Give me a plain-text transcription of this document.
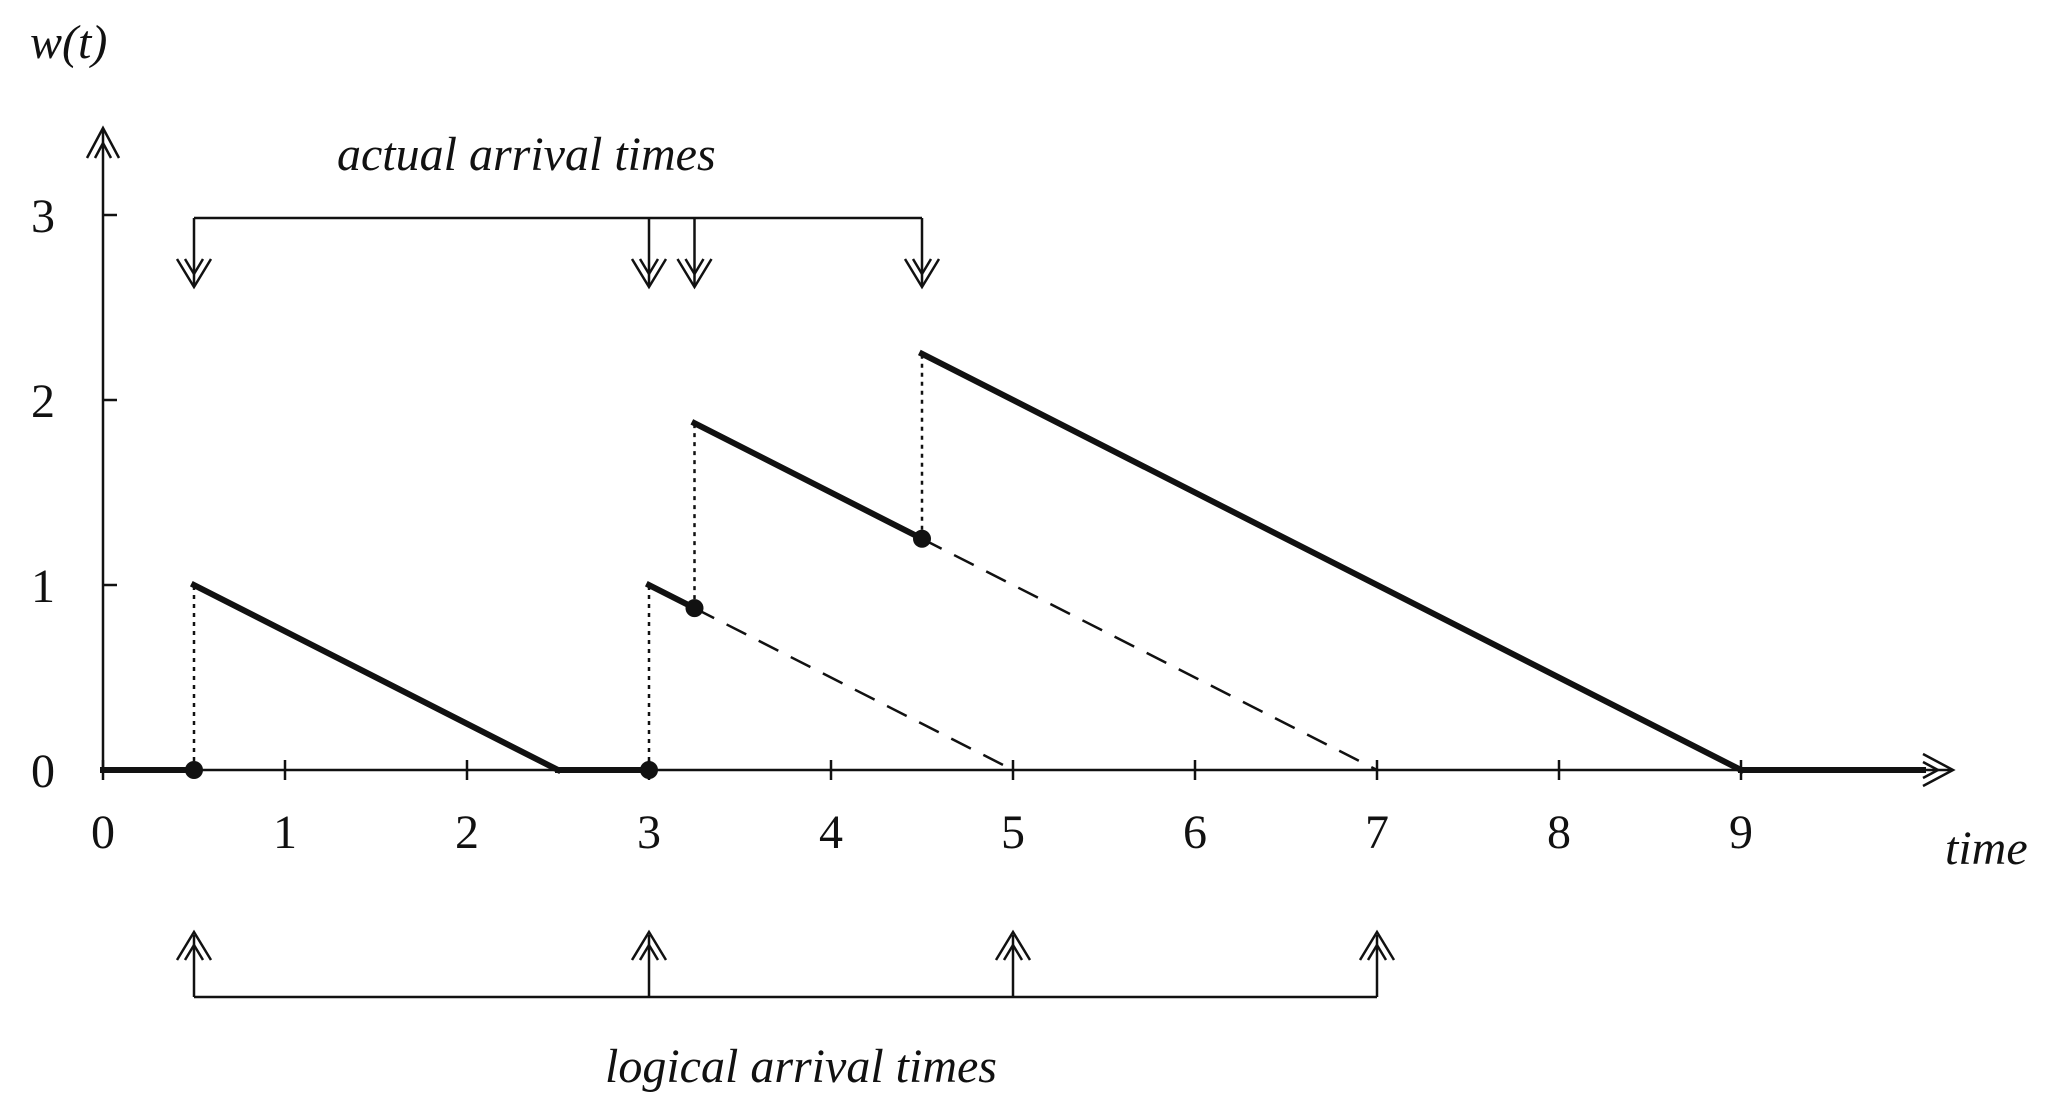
w(t)
time
actual arrival times
logical arrival times
0	1	2	3	4	5	6	7	8	9
0
1
2
3
